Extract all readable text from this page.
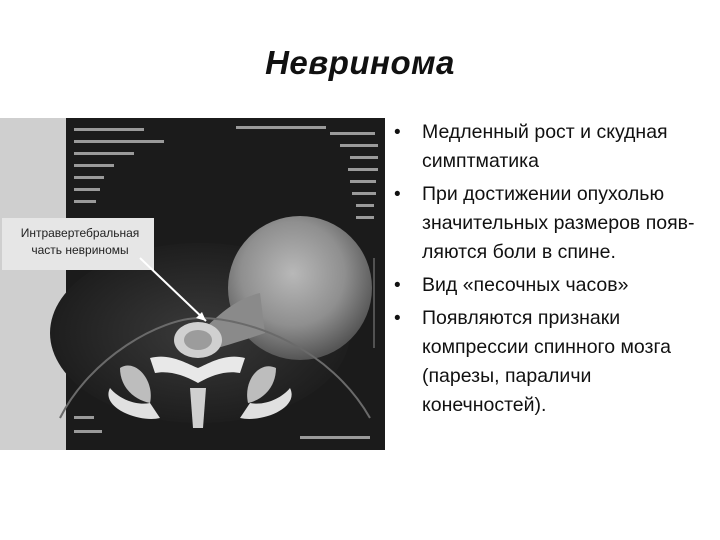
Невринома
Интравертебральная
часть невриномы
• Медленный рост и скудная симптматика
• При достижении опухолью значительных размеров появ-ляются боли в спине.
• Вид «песочных часов»
• Появляются признаки компрессии спинного мозга (парезы, параличи конечностей).
